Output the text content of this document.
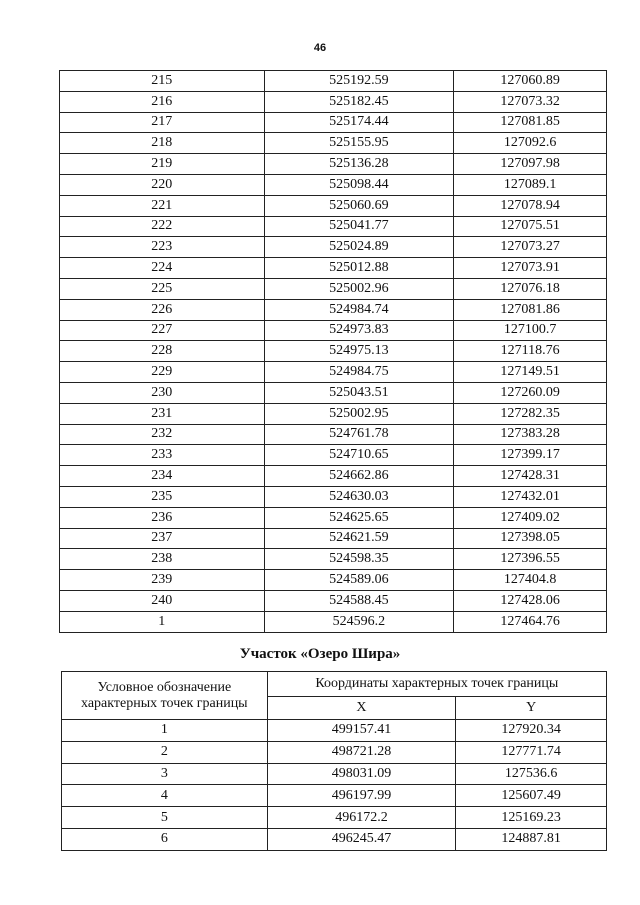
46
215	525192.59	127060.89
216	525182.45	127073.32
217	525174.44	127081.85
218	525155.95	127092.6
219	525136.28	127097.98
220	525098.44	127089.1
221	525060.69	127078.94
222	525041.77	127075.51
223	525024.89	127073.27
224	525012.88	127073.91
225	525002.96	127076.18
226	524984.74	127081.86
227	524973.83	127100.7
228	524975.13	127118.76
229	524984.75	127149.51
230	525043.51	127260.09
231	525002.95	127282.35
232	524761.78	127383.28
233	524710.65	127399.17
234	524662.86	127428.31
235	524630.03	127432.01
236	524625.65	127409.02
237	524621.59	127398.05
238	524598.35	127396.55
239	524589.06	127404.8
240	524588.45	127428.06
1	524596.2	127464.76
Участок «Озеро Шира»
Условное обозначение
характерных точек границы	Координаты характерных точек границы	
	X	Y
1	499157.41	127920.34
2	498721.28	127771.74
3	498031.09	127536.6
4	496197.99	125607.49
5	496172.2	125169.23
6	496245.47	124887.81
